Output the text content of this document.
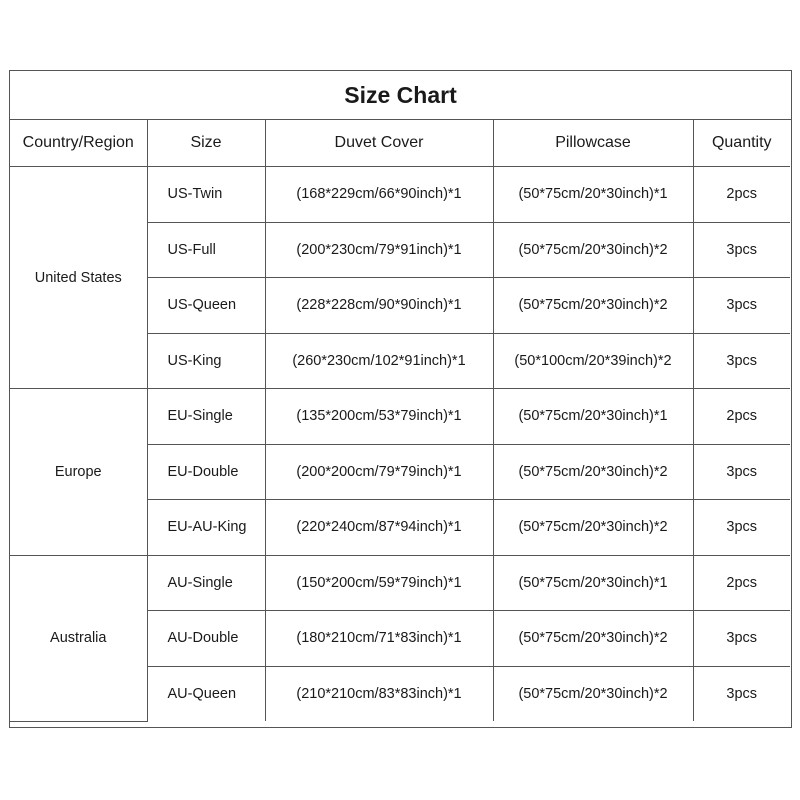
Size Chart
Country/Region	Size	Duvet Cover	Pillowcase	Quantity
United States	US-Twin	(168*229cm/66*90inch)*1	(50*75cm/20*30inch)*1	2pcs
	US-Full	(200*230cm/79*91inch)*1	(50*75cm/20*30inch)*2	3pcs
	US-Queen	(228*228cm/90*90inch)*1	(50*75cm/20*30inch)*2	3pcs
	US-King	(260*230cm/102*91inch)*1	(50*100cm/20*39inch)*2	3pcs
Europe	EU-Single	(135*200cm/53*79inch)*1	(50*75cm/20*30inch)*1	2pcs
	EU-Double	(200*200cm/79*79inch)*1	(50*75cm/20*30inch)*2	3pcs
	EU-AU-King	(220*240cm/87*94inch)*1	(50*75cm/20*30inch)*2	3pcs
Australia	AU-Single	(150*200cm/59*79inch)*1	(50*75cm/20*30inch)*1	2pcs
	AU-Double	(180*210cm/71*83inch)*1	(50*75cm/20*30inch)*2	3pcs
	AU-Queen	(210*210cm/83*83inch)*1	(50*75cm/20*30inch)*2	3pcs
